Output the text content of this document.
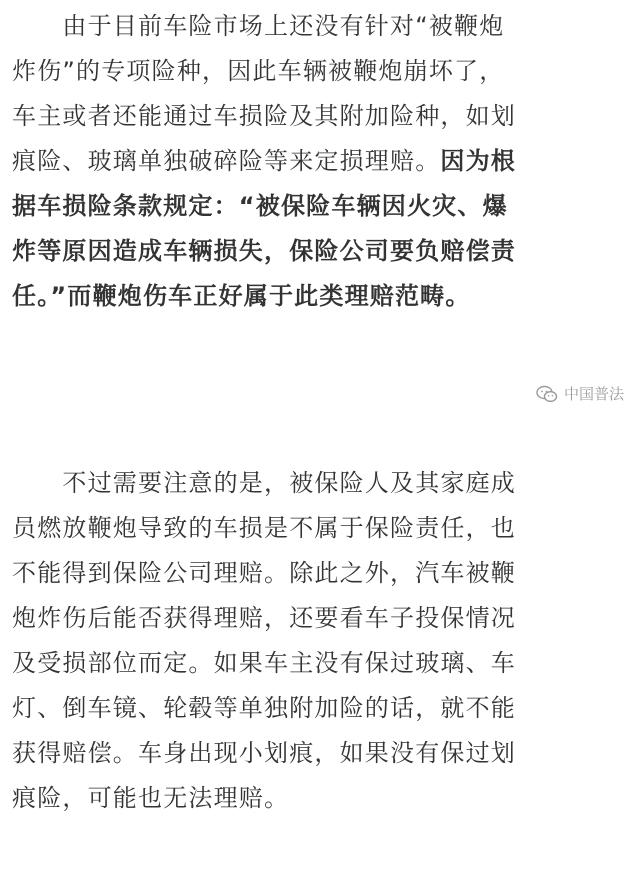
　　由于目前车险市场上还没有针对“被鞭炮
炸伤”的专项险种，因此车辆被鞭炮崩坏了，
车主或者还能通过车损险及其附加险种，如划
痕险、玻璃单独破碎险等来定损理赔。因为根
据车损险条款规定：“被保险车辆因火灾、爆
炸等原因造成车辆损失，保险公司要负赔偿责
任。”而鞭炮伤车正好属于此类理赔范畴。

中国普法

　　不过需要注意的是，被保险人及其家庭成
员燃放鞭炮导致的车损是不属于保险责任，也
不能得到保险公司理赔。除此之外，汽车被鞭
炮炸伤后能否获得理赔，还要看车子投保情况
及受损部位而定。如果车主没有保过玻璃、车
灯、倒车镜、轮毂等单独附加险的话，就不能
获得赔偿。车身出现小划痕，如果没有保过划
痕险，可能也无法理赔。
